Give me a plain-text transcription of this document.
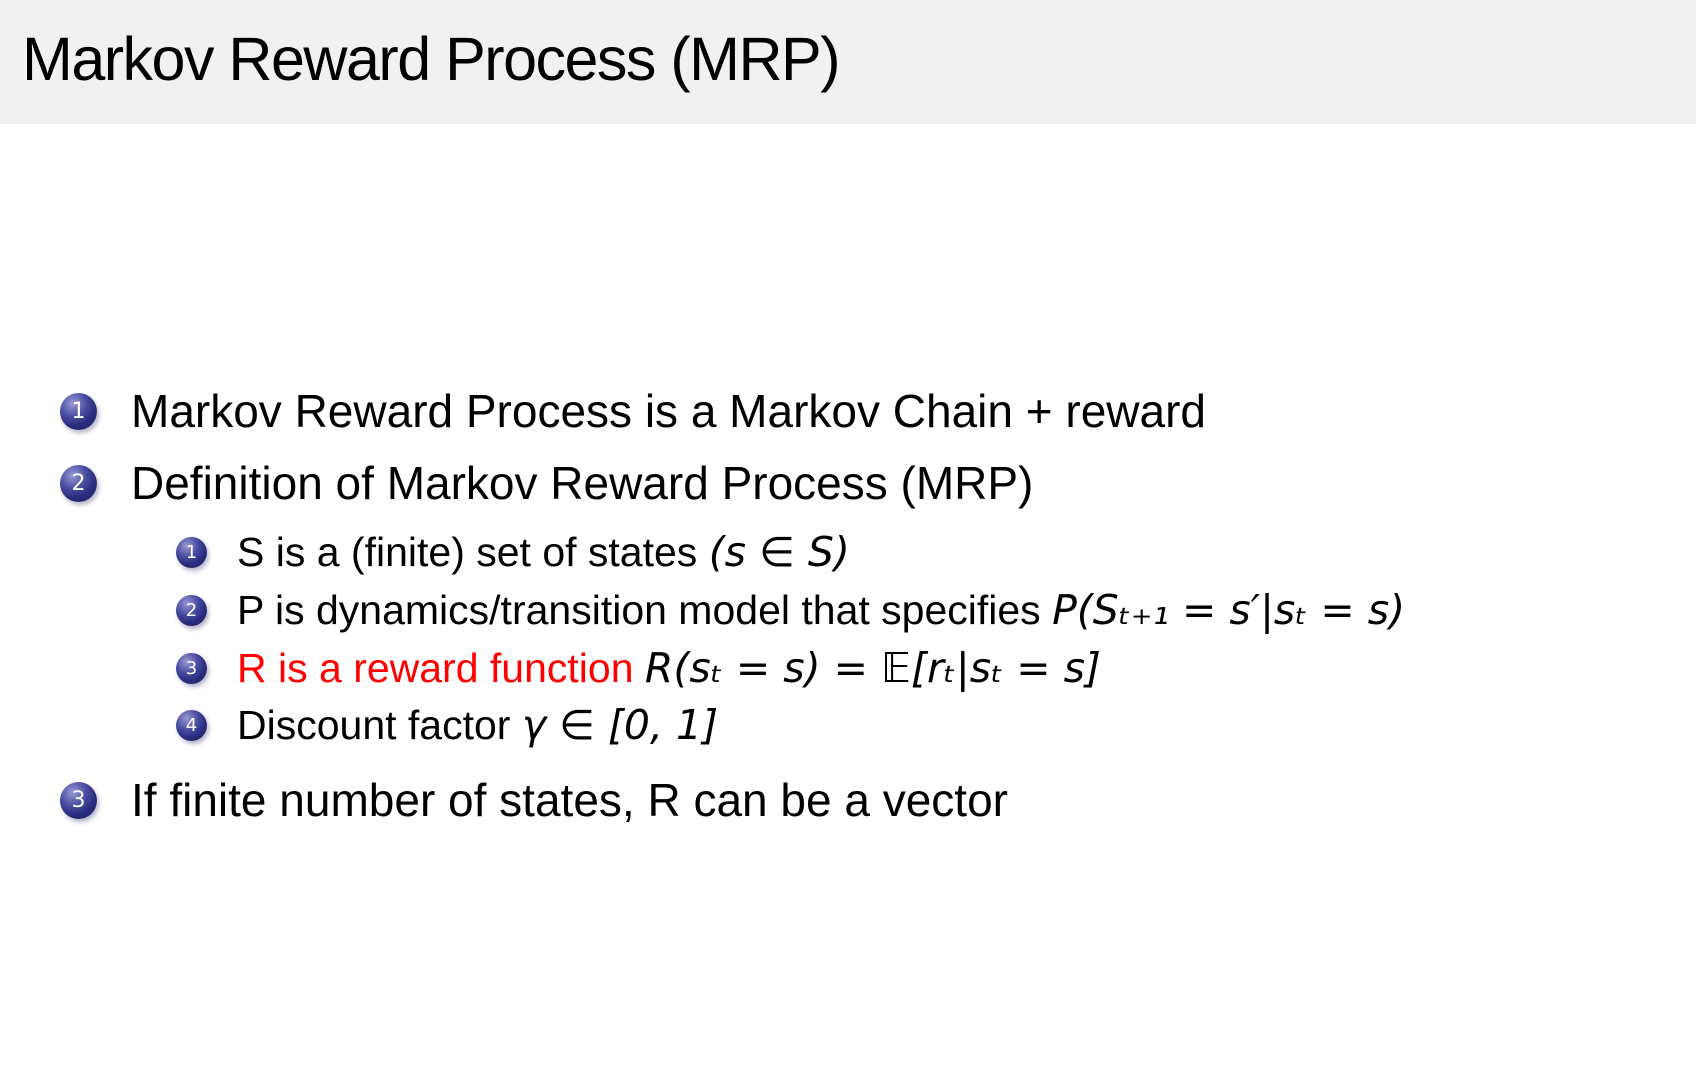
Markov Reward Process (MRP)
1 Markov Reward Process is a Markov Chain + reward
2 Definition of Markov Reward Process (MRP)
1 S is a (finite) set of states (s ∈ S)
2 P is dynamics/transition model that specifies P(Sₜ₊₁ = s′|sₜ = s)
3 R is a reward function R(sₜ = s) = 𝔼[rₜ|sₜ = s]
4 Discount factor γ ∈ [0, 1]
3 If finite number of states, R can be a vector
